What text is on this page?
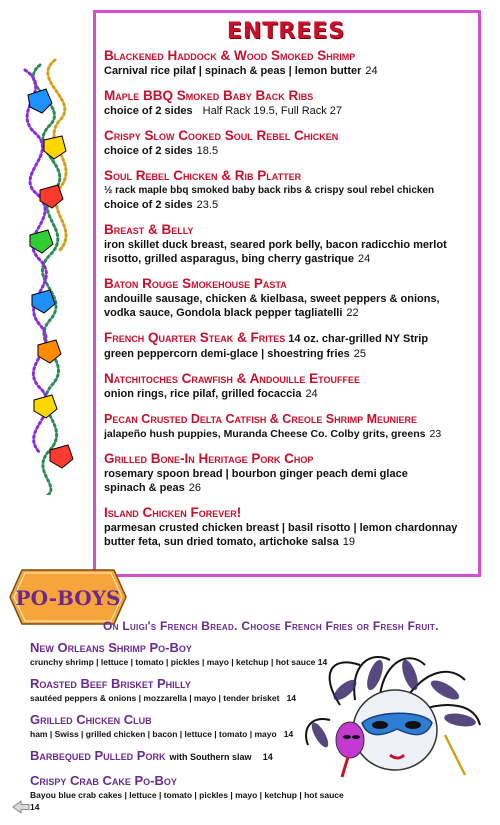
ENTREES
Blackened Haddock & Wood Smoked Shrimp
Carnival rice pilaf | spinach & peas | lemon butter 24
Maple BBQ Smoked Baby Back Ribs
choice of 2 sides Half Rack 19.5, Full Rack 27
Crispy Slow Cooked Soul Rebel Chicken
choice of 2 sides 18.5
Soul Rebel Chicken & Rib Platter
½ rack maple bbq smoked baby back ribs & crispy soul rebel chicken
choice of 2 sides 23.5
Breast & Belly
iron skillet duck breast, seared pork belly, bacon radicchio merlot risotto, grilled asparagus, bing cherry gastrique 24
Baton Rouge Smokehouse Pasta
andouille sausage, chicken & kielbasa, sweet peppers & onions, vodka sauce, Gondola black pepper tagliatelli 22
French Quarter Steak & Frites 14 oz. char-grilled NY Strip
green peppercorn demi-glace | shoestring fries 25
Natchitoches Crawfish & Andouille Etouffee
onion rings, rice pilaf, grilled focaccia 24
Pecan Crusted Delta Catfish & Creole Shrimp Meuniere
jalapeño hush puppies, Muranda Cheese Co. Colby grits, greens 23
Grilled Bone-In Heritage Pork Chop
rosemary spoon bread | bourbon ginger peach demi glace
spinach & peas 26
Island Chicken Forever!
parmesan crusted chicken breast | basil risotto | lemon chardonnay butter feta, sun dried tomato, artichoke salsa 19
PO-BOYS
On Luigi's French Bread. Choose French Fries or Fresh Fruit.
New Orleans Shrimp Po-Boy
crunchy shrimp | lettuce | tomato | pickles | mayo | ketchup | hot sauce 14
Roasted Beef Brisket Philly
sautéed peppers & onions | mozzarella | mayo | tender brisket 14
Grilled Chicken Club
ham | Swiss | grilled chicken | bacon | lettuce | tomato | mayo 14
Barbequed Pulled Pork with Southern slaw 14
Crispy Crab Cake Po-Boy
Bayou blue crab cakes | lettuce | tomato | pickles | mayo | ketchup | hot sauce   14
